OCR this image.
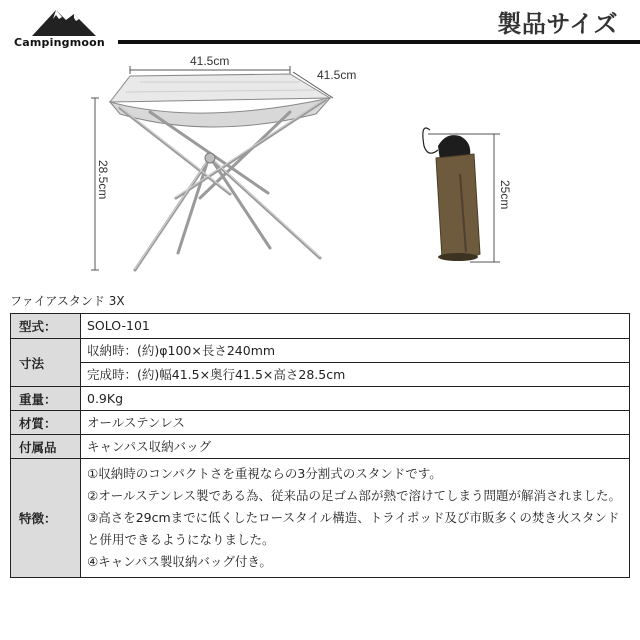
Campingmoon
製品サイズ
41.5cm
41.5cm
28.5cm	25cm
ファイアスタンド 3X
型式：	SOLO-101
寸法	収納時：(約)φ100×長さ240mm
	完成時：(約)幅41.5×奥行41.5×高さ28.5cm
重量：	0.9Kg
材質：	オールステンレス
付属品	キャンパス収納バッグ
特徴：	①収納時のコンパクトさを重視ならの3分割式のスタンドです。
②オールステンレス製である為、従来品の足ゴム部が熱で溶けてしまう問題が解消されました。
③高さを29cmまでに低くしたロースタイル構造、トライポッド及び市販多くの焚き火スタンドと併用できるようになりました。
④キャンパス製収納バッグ付き。
